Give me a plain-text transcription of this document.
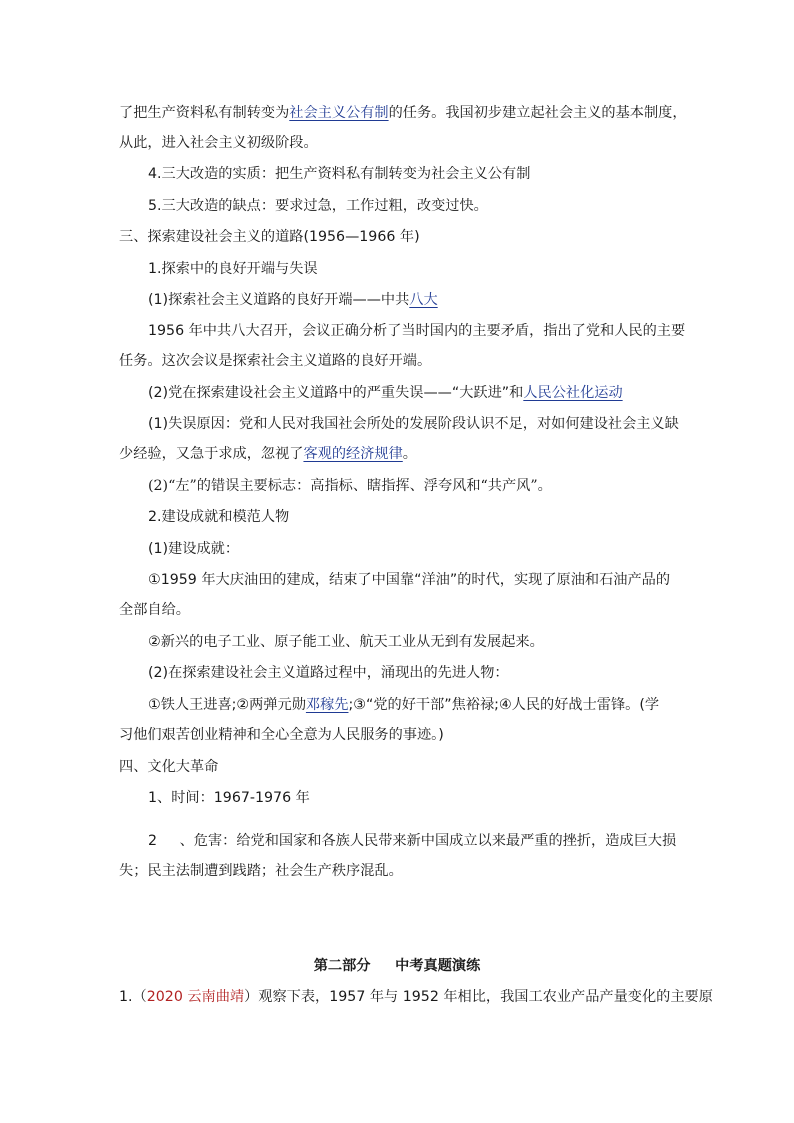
了把生产资料私有制转变为社会主义公有制的任务。我国初步建立起社会主义的基本制度，
从此，进入社会主义初级阶段。
4.三大改造的实质：把生产资料私有制转变为社会主义公有制
5.三大改造的缺点：要求过急，工作过粗，改变过快。
三、探索建设社会主义的道路(1956—1966 年)
1.探索中的良好开端与失误
(1)探索社会主义道路的良好开端——中共八大
1956 年中共八大召开，会议正确分析了当时国内的主要矛盾，指出了党和人民的主要
任务。这次会议是探索社会主义道路的良好开端。
(2)党在探索建设社会主义道路中的严重失误——“大跃进”和人民公社化运动
(1)失误原因：党和人民对我国社会所处的发展阶段认识不足，对如何建设社会主义缺
少经验，又急于求成，忽视了客观的经济规律。
(2)“左”的错误主要标志：高指标、瞎指挥、浮夸风和“共产风”。
2.建设成就和模范人物
(1)建设成就：
①1959 年大庆油田的建成，结束了中国靠“洋油”的时代，实现了原油和石油产品的
全部自给。
②新兴的电子工业、原子能工业、航天工业从无到有发展起来。
(2)在探索建设社会主义道路过程中，涌现出的先进人物：
①铁人王进喜;②两弹元勋邓稼先;③“党的好干部”焦裕禄;④人民的好战士雷锋。(学
习他们艰苦创业精神和全心全意为人民服务的事迹。)
四、文化大革命
1、时间：1967-1976 年
2     、危害：给党和国家和各族人民带来新中国成立以来最严重的挫折，造成巨大损
失；民主法制遭到践踏；社会生产秩序混乱。
第二部分     中考真题演练
1.（2020 云南曲靖）观察下表，1957 年与 1952 年相比，我国工农业产品产量变化的主要原
